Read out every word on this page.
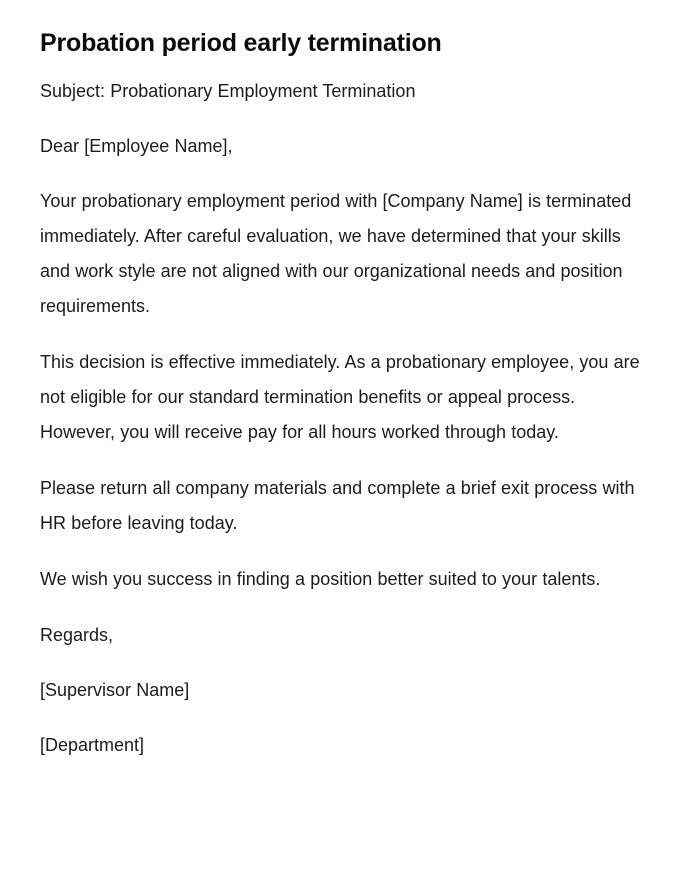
Probation period early termination

Subject: Probationary Employment Termination

Dear [Employee Name],

Your probationary employment period with [Company Name] is terminated immediately. After careful evaluation, we have determined that your skills and work style are not aligned with our organizational needs and position requirements.

This decision is effective immediately. As a probationary employee, you are not eligible for our standard termination benefits or appeal process. However, you will receive pay for all hours worked through today.

Please return all company materials and complete a brief exit process with HR before leaving today.

We wish you success in finding a position better suited to your talents.

Regards,

[Supervisor Name]

[Department]
